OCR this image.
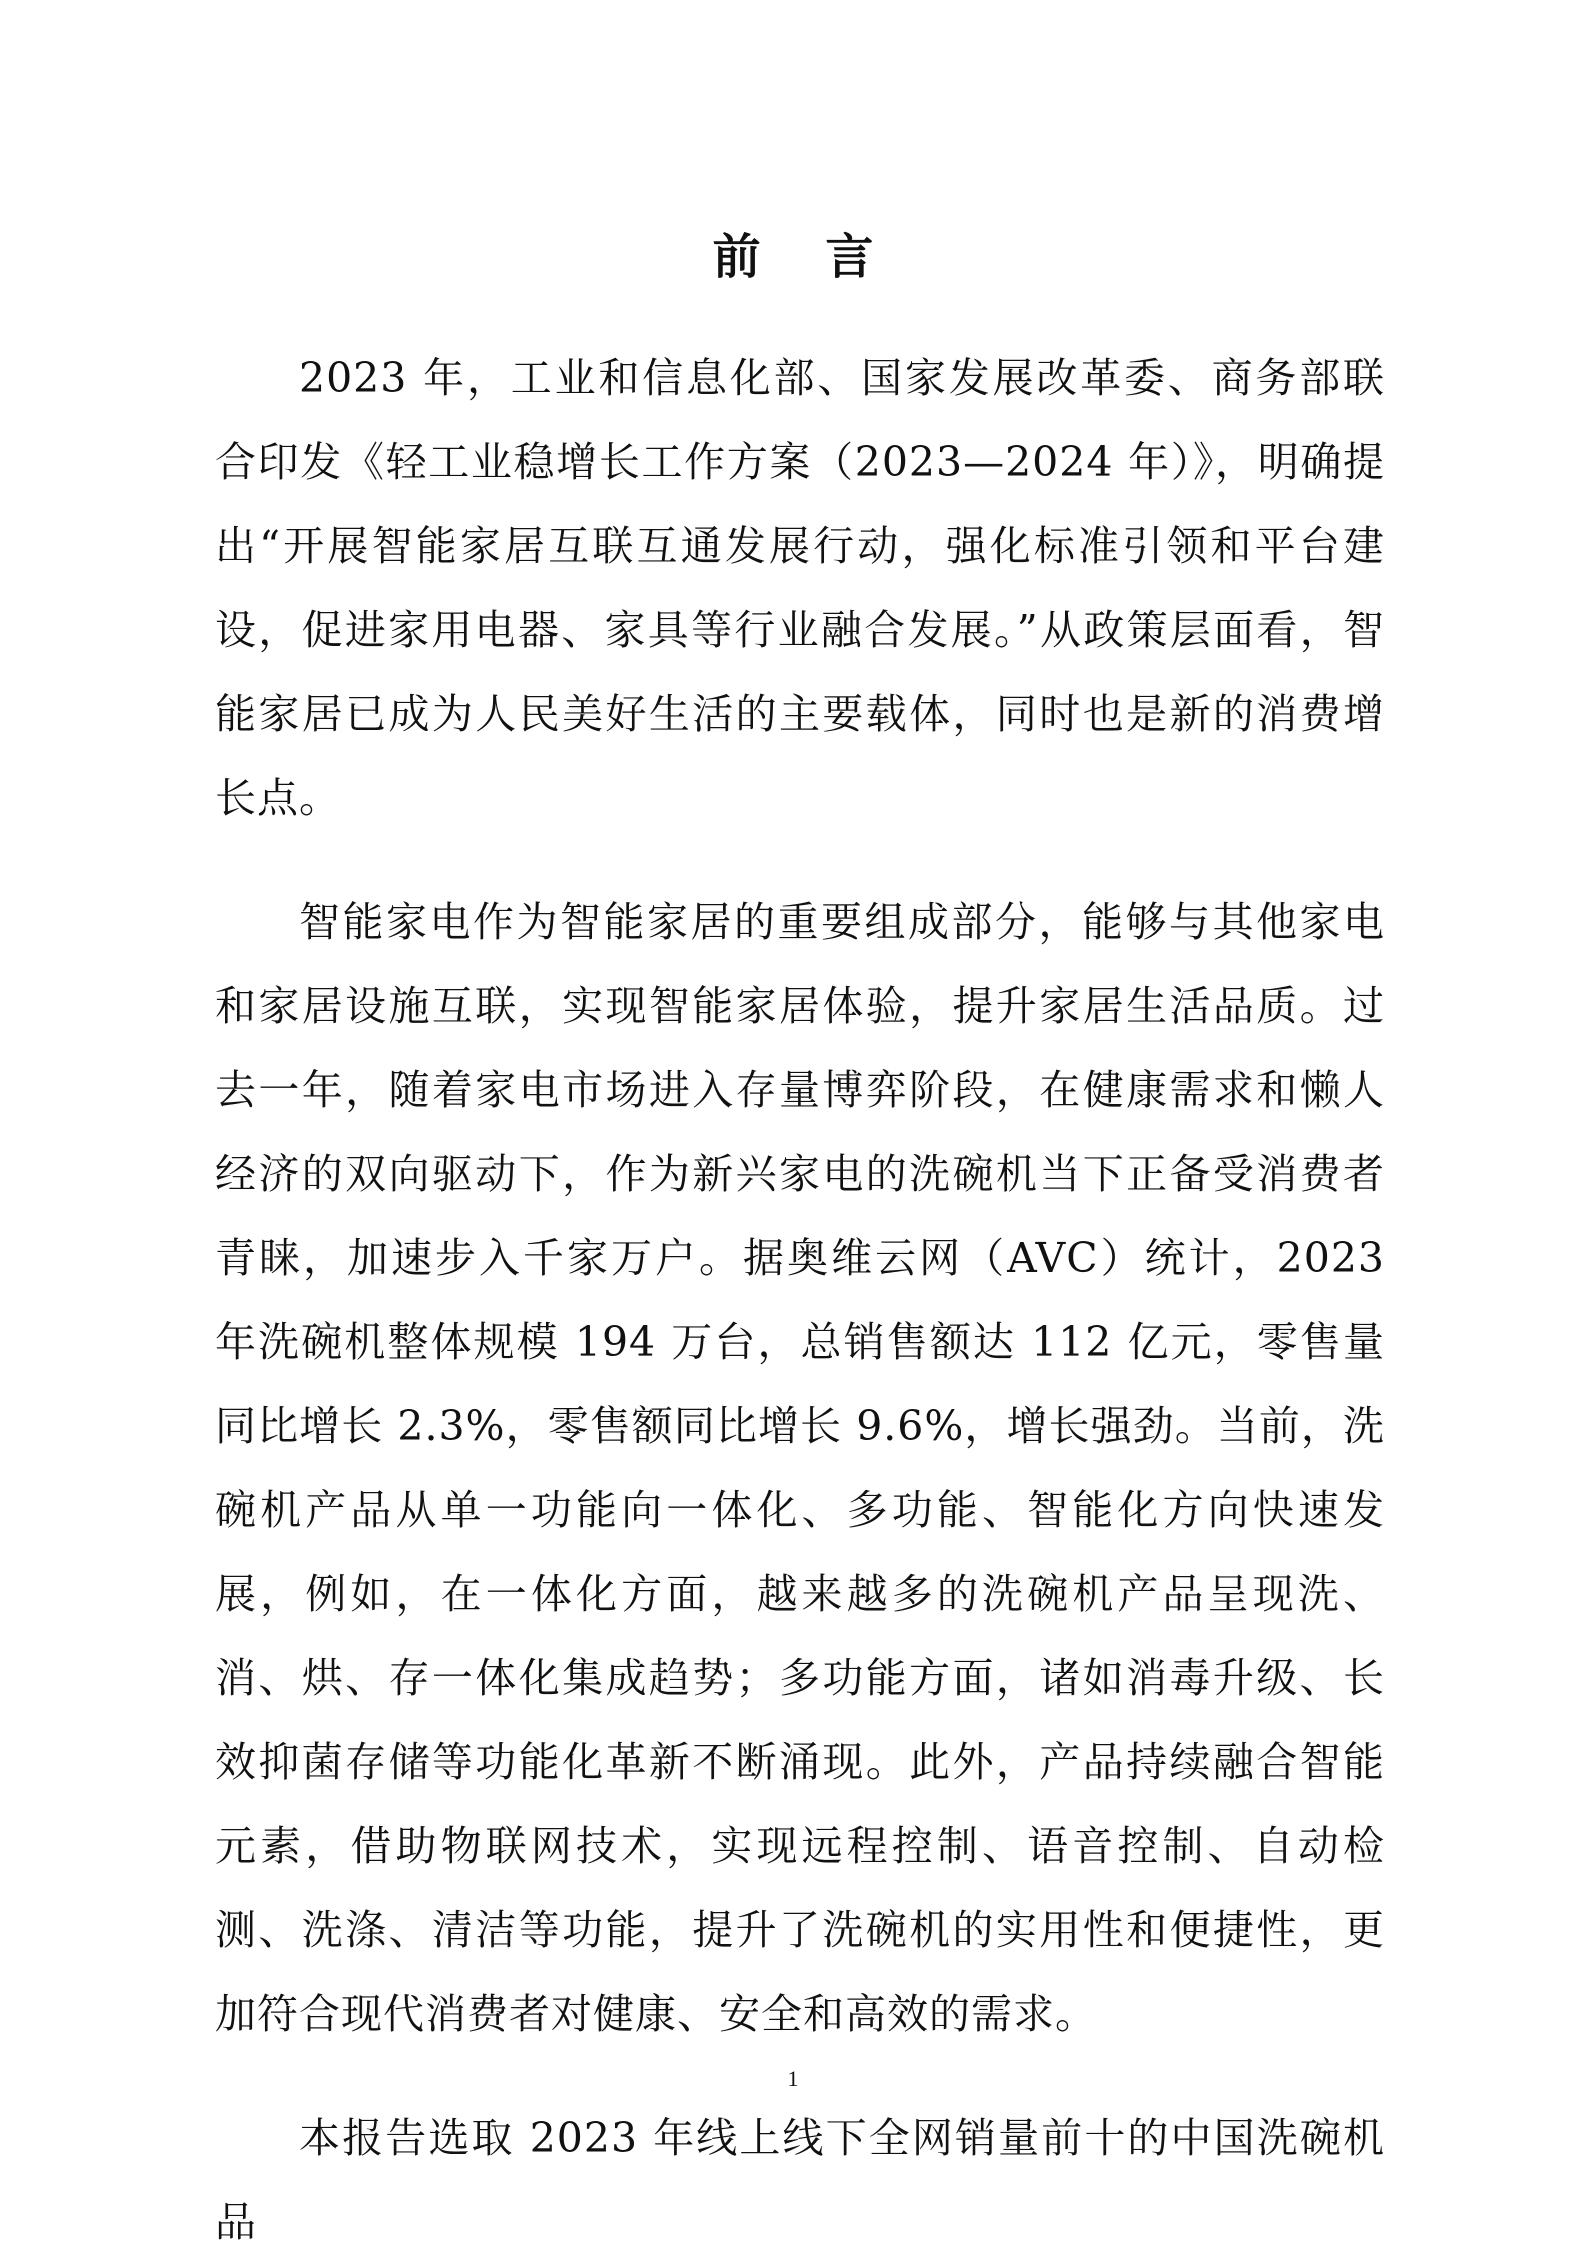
前 言

2023 年，工业和信息化部、国家发展改革委、商务部联合印发《轻工业稳增长工作方案（2023—2024 年）》，明确提出“开展智能家居互联互通发展行动，强化标准引领和平台建设，促进家用电器、家具等行业融合发展。”从政策层面看，智能家居已成为人民美好生活的主要载体，同时也是新的消费增长点。

智能家电作为智能家居的重要组成部分，能够与其他家电和家居设施互联，实现智能家居体验，提升家居生活品质。过去一年，随着家电市场进入存量博弈阶段，在健康需求和懒人经济的双向驱动下，作为新兴家电的洗碗机当下正备受消费者青睐，加速步入千家万户。据奥维云网（AVC）统计，2023 年洗碗机整体规模 194 万台，总销售额达 112 亿元，零售量同比增长 2.3%，零售额同比增长 9.6%，增长强劲。当前，洗碗机产品从单一功能向一体化、多功能、智能化方向快速发展，例如，在一体化方面，越来越多的洗碗机产品呈现洗、消、烘、存一体化集成趋势；多功能方面，诸如消毒升级、长效抑菌存储等功能化革新不断涌现。此外，产品持续融合智能元素，借助物联网技术，实现远程控制、语音控制、自动检测、洗涤、清洁等功能，提升了洗碗机的实用性和便捷性，更加符合现代消费者对健康、安全和高效的需求。

本报告选取 2023 年线上线下全网销量前十的中国洗碗机品

1
